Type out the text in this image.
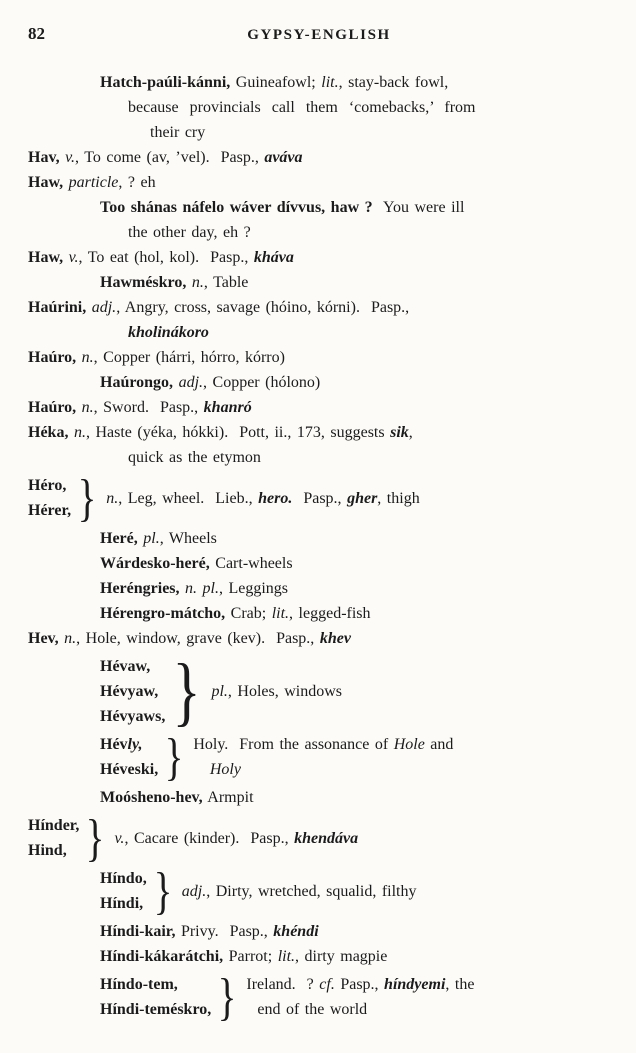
82	GYPSY-ENGLISH
Hatch-paúli-kánni, Guineafowl; lit., stay-back fowl,
because  provincials  call  them  ‘comebacks,’  from
their cry
Hav, v., To come (av, ’vel).  Pasp., aváva
Haw, particle, ? eh
Too shánas náfelo wáver dívvus, haw ?  You were ill
the other day, eh ?
Haw, v., To eat (hol, kol).  Pasp., kháva
Hawméskro, n., Table
Haúrini, adj., Angry, cross, savage (hóino, kórni).  Pasp.,
kholinákoro
Haúro, n., Copper (hárri, hórro, kórro)
Haúrongo, adj., Copper (hólono)
Haúro, n., Sword.  Pasp., khanró
Héka, n., Haste (yéka, hókki).  Pott, ii., 173, suggests sik,
quick as the etymon
Héro,
Hérer, } n., Leg, wheel.  Lieb., hero.  Pasp., gher, thigh
Heré, pl., Wheels
Wárdesko-heré, Cart-wheels
Heréngries, n. pl., Leggings
Hérengro-mátcho, Crab; lit., legged-fish
Hev, n., Hole, window, grave (kev).  Pasp., khev
Hévaw,
Hévyaw,
Hévyaws, } pl., Holes, windows
Hévly,
Héveski, } Holy.  From the assonance of Hole and
Holy
Moósheno-hev, Armpit
Hínder,
Hind, } v., Cacare (kinder).  Pasp., khendáva
Híndo,
Híndi, } adj., Dirty, wretched, squalid, filthy
Híndi-kair, Privy.  Pasp., khéndi
Híndi-kákarátchi, Parrot; lit., dirty magpie
Híndo-tem,
Híndi-teméskro, } Ireland.  ? cf. Pasp., híndyemi, the
end of the world
